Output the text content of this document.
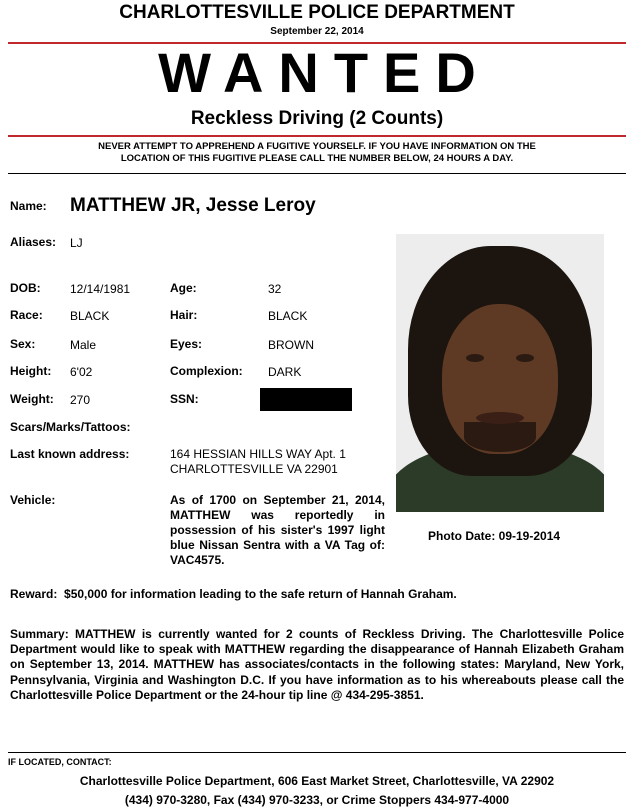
CHARLOTTESVILLE POLICE DEPARTMENT
September 22, 2014
WANTED
Reckless Driving (2 Counts)
NEVER ATTEMPT TO APPREHEND A FUGITIVE YOURSELF. IF YOU HAVE INFORMATION ON THE
LOCATION OF THIS FUGITIVE PLEASE CALL THE NUMBER BELOW, 24 HOURS A DAY.
Name: MATTHEW JR, Jesse Leroy
Aliases: LJ
DOB: 12/14/1981	Age:	32
Race: BLACK	Hair:	BLACK
Sex:	Male	Eyes:	BROWN
Height: 6'02	Complexion: DARK
Weight: 270	SSN:
Scars/Marks/Tattoos:
Last known address:	164 HESSIAN HILLS WAY Apt. 1
CHARLOTTESVILLE VA 22901
Vehicle:	As of 1700 on September 21, 2014, MATTHEW was reportedly in possession of his sister's 1997 light blue Nissan Sentra with a VA Tag of: VAC4575.
Photo Date: 09-19-2014
Reward: $50,000 for information leading to the safe return of Hannah Graham.
Summary: MATTHEW is currently wanted for 2 counts of Reckless Driving. The Charlottesville Police Department would like to speak with MATTHEW regarding the disappearance of Hannah Elizabeth Graham on September 13, 2014. MATTHEW has associates/contacts in the following states: Maryland, New York, Pennsylvania, Virginia and Washington D.C. If you have information as to his whereabouts please call the Charlottesville Police Department or the 24-hour tip line @ 434-295-3851.
IF LOCATED, CONTACT:
Charlottesville Police Department, 606 East Market Street, Charlottesville, VA 22902
(434) 970-3280, Fax (434) 970-3233, or Crime Stoppers 434-977-4000
